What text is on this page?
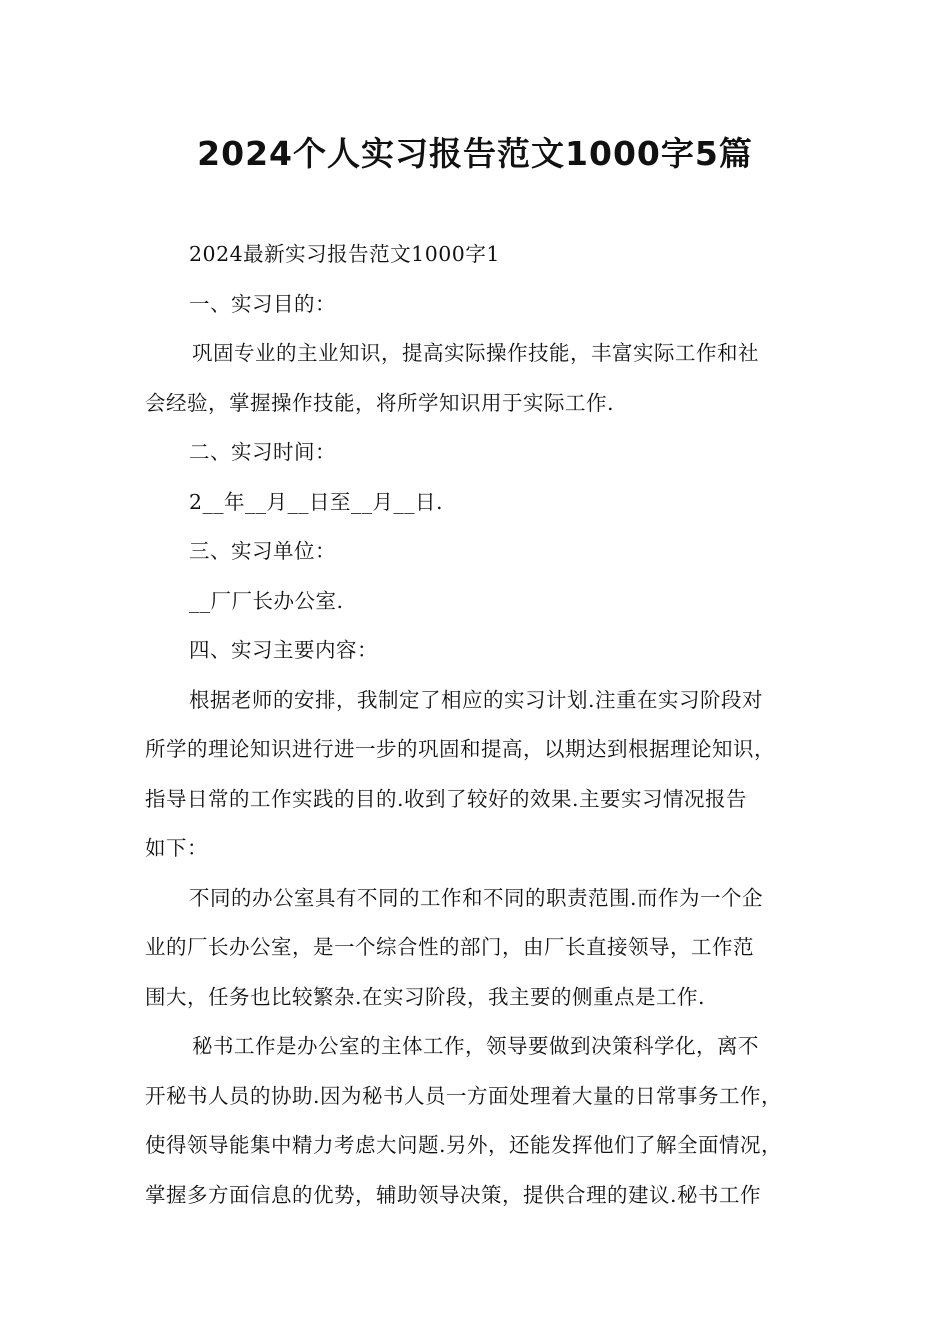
2024个人实习报告范文1000字5篇

2024最新实习报告范文1000字1

一、实习目的：

巩固专业的主业知识，提高实际操作技能，丰富实际工作和社

会经验，掌握操作技能，将所学知识用于实际工作.

二、实习时间：

2__年__月__日至__月__日.

三、实习单位：

__厂厂长办公室.

四、实习主要内容：

根据老师的安排，我制定了相应的实习计划.注重在实习阶段对

所学的理论知识进行进一步的巩固和提高，以期达到根据理论知识，

指导日常的工作实践的目的.收到了较好的效果.主要实习情况报告

如下：

不同的办公室具有不同的工作和不同的职责范围.而作为一个企

业的厂长办公室，是一个综合性的部门，由厂长直接领导，工作范

围大，任务也比较繁杂.在实习阶段，我主要的侧重点是工作.

秘书工作是办公室的主体工作，领导要做到决策科学化，离不

开秘书人员的协助.因为秘书人员一方面处理着大量的日常事务工作，

使得领导能集中精力考虑大问题.另外，还能发挥他们了解全面情况，

掌握多方面信息的优势，辅助领导决策，提供合理的建议.秘书工作
